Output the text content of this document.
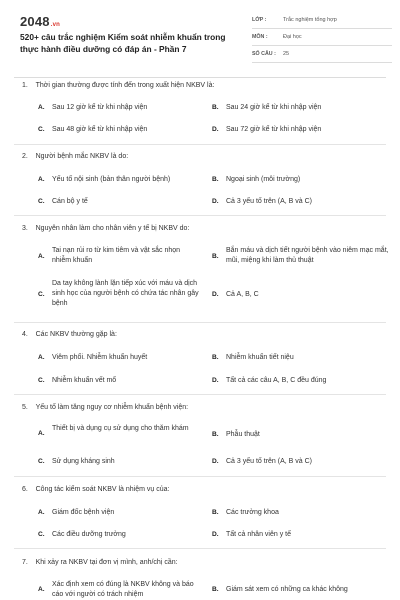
2048.vn
520+ câu trắc nghiệm Kiểm soát nhiễm khuẩn trong thực hành điều dưỡng có đáp án - Phần 7
LỚP :	Trắc nghiệm tổng hợp
MÔN :	Đại học
SỐ CÂU :	25
1. Thời gian thường được tính đến trong xuất hiện NKBV là:
A. Sau 12 giờ kể từ khi nhập viện	B. Sau 24 giờ kể từ khi nhập viện
C. Sau 48 giờ kể từ khi nhập viện	D. Sau 72 giờ kể từ khi nhập viện
2. Người bệnh mắc NKBV là do:
A. Yếu tố nội sinh (bản thân người bệnh)	B. Ngoại sinh (môi trường)
C. Cán bộ y tế	D. Cả 3 yếu tố trên (A, B và C)
3. Nguyên nhân làm cho nhân viên y tế bị NKBV do:
A.
Tai nạn rủi ro từ kim tiêm và vật sắc nhọn nhiễm khuẩn
B.
Bắn máu và dịch tiết người bệnh vào niêm mạc mắt, mũi, miệng khi làm thủ thuật
C.
Da tay không lành lặn tiếp xúc với máu và dịch sinh học của người bệnh có chứa tác nhân gây bệnh
D. Cả A, B, C
4. Các NKBV thường gặp là:
A. Viêm phổi. Nhiễm khuẩn huyết	B. Nhiễm khuẩn tiết niệu
C. Nhiễm khuẩn vết mổ	D. Tất cả các câu A, B, C đều đúng
5. Yếu tố làm tăng nguy cơ nhiễm khuẩn bệnh viện:
A.
Thiết bị và dụng cụ sử dụng cho thăm khám
B. Phẫu thuật
C. Sử dụng kháng sinh	D. Cả 3 yếu tố trên (A, B và C)
6. Công tác kiểm soát NKBV là nhiệm vụ của:
A. Giám đốc bệnh viện	B. Các trưởng khoa
C. Các điều dưỡng trưởng	D. Tất cả nhân viên y tế
7. Khi xảy ra NKBV tại đơn vị mình, anh/chị cần:
A.
Xác định xem có đúng là NKBV không và báo cáo với người có trách nhiệm
B. Giám sát xem có những ca khác không
